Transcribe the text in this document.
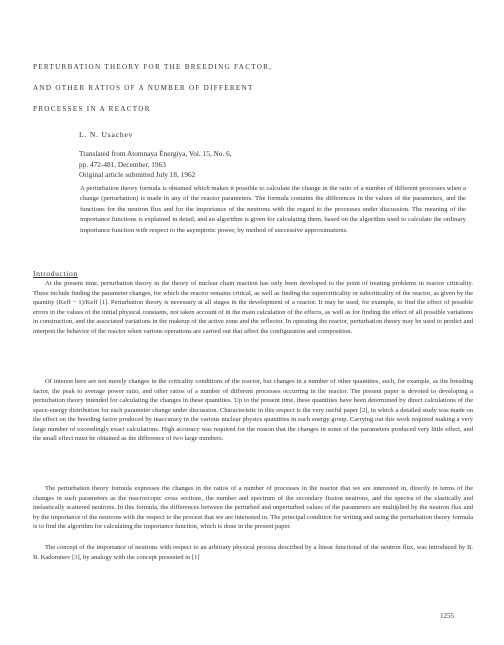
PERTURBATION THEORY FOR THE BREEDING FACTOR,
AND OTHER RATIOS OF A NUMBER OF DIFFERENT
PROCESSES IN A REACTOR
L. N. Usachev
Translated from Atomnaya Énergiya, Vol. 15, No. 6,
pp. 472-481, December, 1963
Original article submitted July 18, 1962
A perturbation theory formula is obtained which makes it possible to calculate the change in the ratio of a number of different processes when a change (perturbation) is made in any of the reactor parameters. The formula contains the differences in the values of the parameters, and the functions for the neutron flux and for the importance of the neutrons with the regard to the processes under discussion. The meaning of the importance functions is explained in detail, and an algorithm is given for calculating them, based on the algorithm used to calculate the ordinary importance function with respect to the asymptotic power, by method of successive approximations.
Introduction
At the present time, perturbation theory in the theory of nuclear chain reaction has only been developed to the point of treating problems in reactor criticality. These include finding the parameter changes, for which the reactor remains critical, as well as finding the supercriticality or subcriticality of the reactor, as given by the quantity (Keff − 1)/Keff [1]. Perturbation theory is necessary at all stages in the development of a reactor. It may be used, for example, to find the effect of possible errors in the values of the initial physical constants, not taken account of in the main calculation of the effects, as well as for finding the effect of all possible variations in construction, and the associated variations in the makeup of the active zone and the reflector. In operating the reactor, perturbation theory may be used to predict and interpret the behavior of the reactor when various operations are carried out that affect the configuration and composition.
Of interest here are not merely changes in the criticality conditions of the reactor, but changes in a number of other quantities, such, for example, as the breeding factor, the peak to average power ratio, and other ratios of a number of different processes occurring in the reactor. The present paper is devoted to developing a perturbation theory intended for calculating the changes in these quantities. Up to the present time, these quantities have been determined by direct calculations of the space-energy distribution for each parameter change under discussion. Characteristic in this respect is the very useful paper [2], in which a detailed study was made on the effect on the breeding factor produced by inaccuracy in the various nuclear physics quantities in each energy group. Carrying out this work required making a very large number of exceedingly exact calculations. High accuracy was required for the reason that the changes in some of the parameters produced very little effect, and the small effect must be obtained as the difference of two large numbers.
The perturbation theory formula expresses the changes in the ratios of a number of processes in the reactor that we are interested in, directly in terms of the changes in such parameters as the macroscopic cross sections, the number and spectrum of the secondary fission neutrons, and the spectra of the elastically and inelastically scattered neutrons. In this formula, the differences between the perturbed and unperturbed values of the parameters are multiplied by the neutron flux and by the importance of the neutrons with the respect to the process that we are interested in. The principal condition for writing and using the perturbation theory formula is to find the algorithm for calculating the importance function, which is done in the present paper.
The concept of the importance of neutrons with respect to an arbitrary physical process described by a linear functional of the neutron flux, was introduced by B. B. Kadomtsev [3], by analogy with the concept presented in [1]
1255
